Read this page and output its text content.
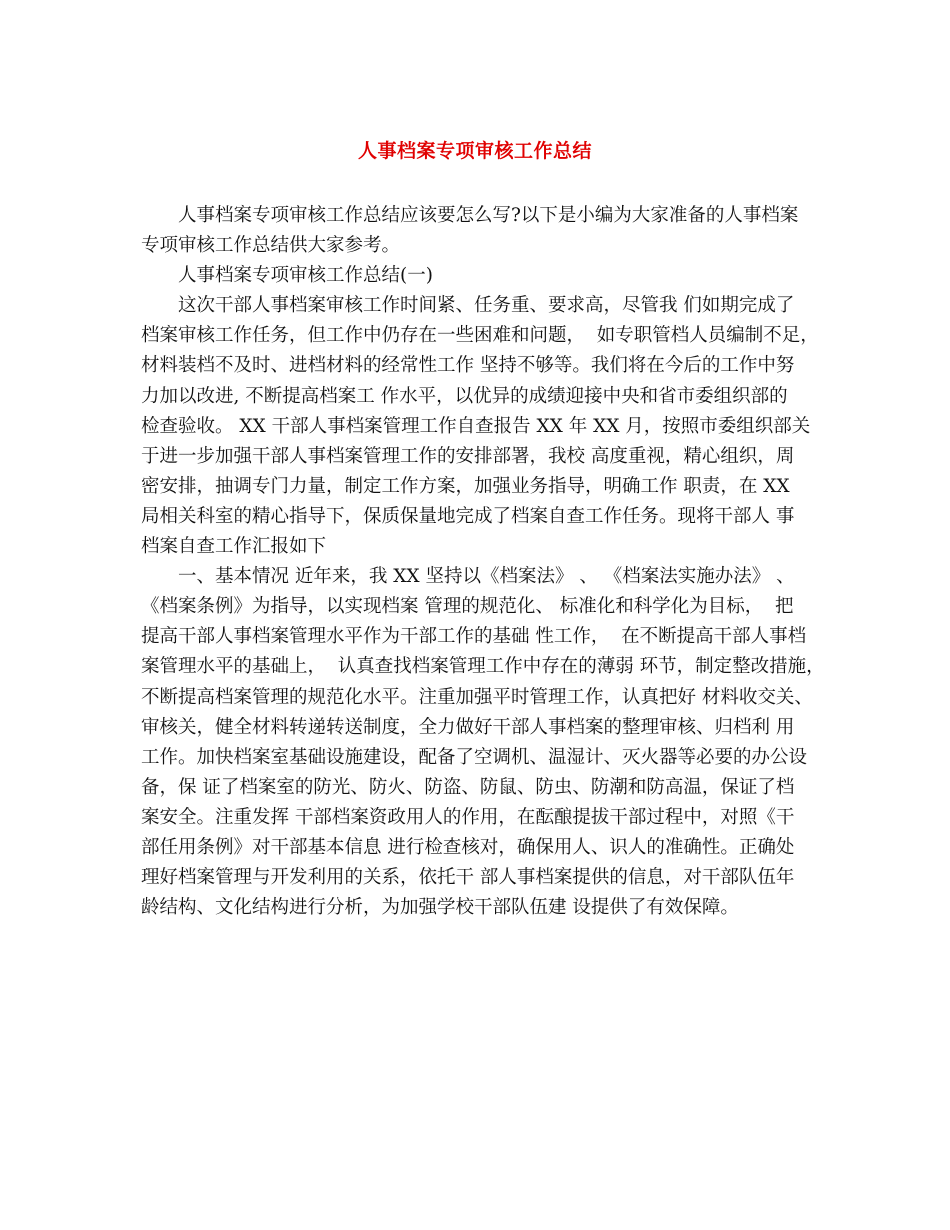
人事档案专项审核工作总结
人事档案专项审核工作总结应该要怎么写?以下是小编为大家准备的人事档案
专项审核工作总结供大家参考。
人事档案专项审核工作总结(一)
这次干部人事档案审核工作时间紧、任务重、要求高，尽管我 们如期完成了
档案审核工作任务，但工作中仍存在一些困难和问题，  如专职管档人员编制不足，
材料装档不及时、进档材料的经常性工作 坚持不够等。我们将在今后的工作中努
力加以改进, 不断提高档案工 作水平，以优异的成绩迎接中央和省市委组织部的
检查验收。 XX 干部人事档案管理工作自查报告 XX 年 XX 月，按照市委组织部关
于进一步加强干部人事档案管理工作的安排部署，我校 高度重视，精心组织，周
密安排，抽调专门力量，制定工作方案，加强业务指导，明确工作 职责，在 XX
局相关科室的精心指导下，保质保量地完成了档案自查工作任务。现将干部人 事
档案自查工作汇报如下
一、基本情况 近年来，我 XX 坚持以《档案法》 、 《档案法实施办法》 、
《档案条例》为指导，以实现档案 管理的规范化、 标准化和科学化为目标，  把
提高干部人事档案管理水平作为干部工作的基础 性工作，  在不断提高干部人事档
案管理水平的基础上，  认真查找档案管理工作中存在的薄弱 环节，制定整改措施，
不断提高档案管理的规范化水平。注重加强平时管理工作，认真把好 材料收交关、
审核关，健全材料转递转送制度，全力做好干部人事档案的整理审核、归档利 用
工作。加快档案室基础设施建设，配备了空调机、温湿计、灭火器等必要的办公设
备，保 证了档案室的防光、防火、防盗、防鼠、防虫、防潮和防高温，保证了档
案安全。注重发挥 干部档案资政用人的作用，在酝酿提拔干部过程中，对照《干
部任用条例》对干部基本信息 进行检查核对，确保用人、识人的准确性。正确处
理好档案管理与开发利用的关系，依托干 部人事档案提供的信息，对干部队伍年
龄结构、文化结构进行分析，为加强学校干部队伍建 设提供了有效保障。
